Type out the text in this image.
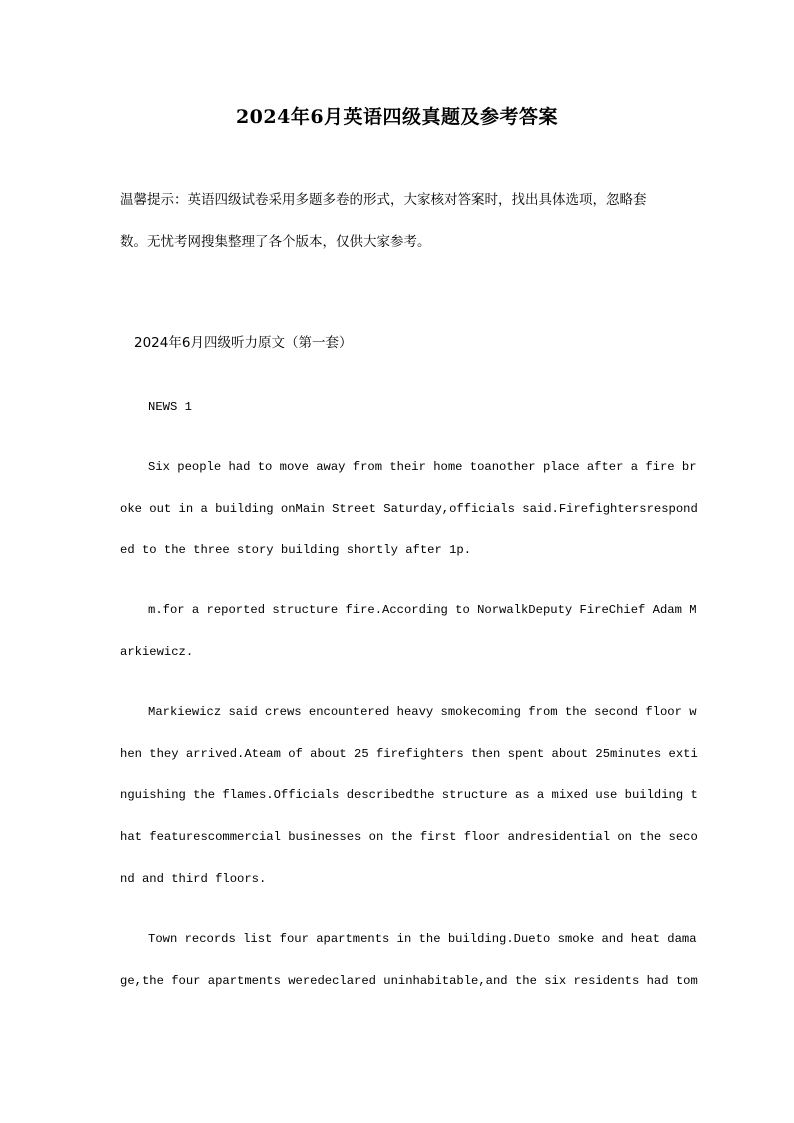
2024年6月英语四级真题及参考答案
温馨提示：英语四级试卷采用多题多卷的形式，大家核对答案时，找出具体选项，忽略套
数。无忧考网搜集整理了各个版本，仅供大家参考。
2024年6月四级听力原文（第一套）
NEWS 1
Six people had to move away from their home toanother place after a fire br
oke out in a building onMain Street Saturday,officials said.Firefightersrespond
ed to the three story building shortly after 1p.
m.for a reported structure fire.According to NorwalkDeputy FireChief Adam M
arkiewicz.
Markiewicz said crews encountered heavy smokecoming from the second floor w
hen they arrived.Ateam of about 25 firefighters then spent about 25minutes exti
nguishing the flames.Officials describedthe structure as a mixed use building t
hat featurescommercial businesses on the first floor andresidential on the seco
nd and third floors.
Town records list four apartments in the building.Dueto smoke and heat dama
ge,the four apartments weredeclared uninhabitable,and the six residents had tom
